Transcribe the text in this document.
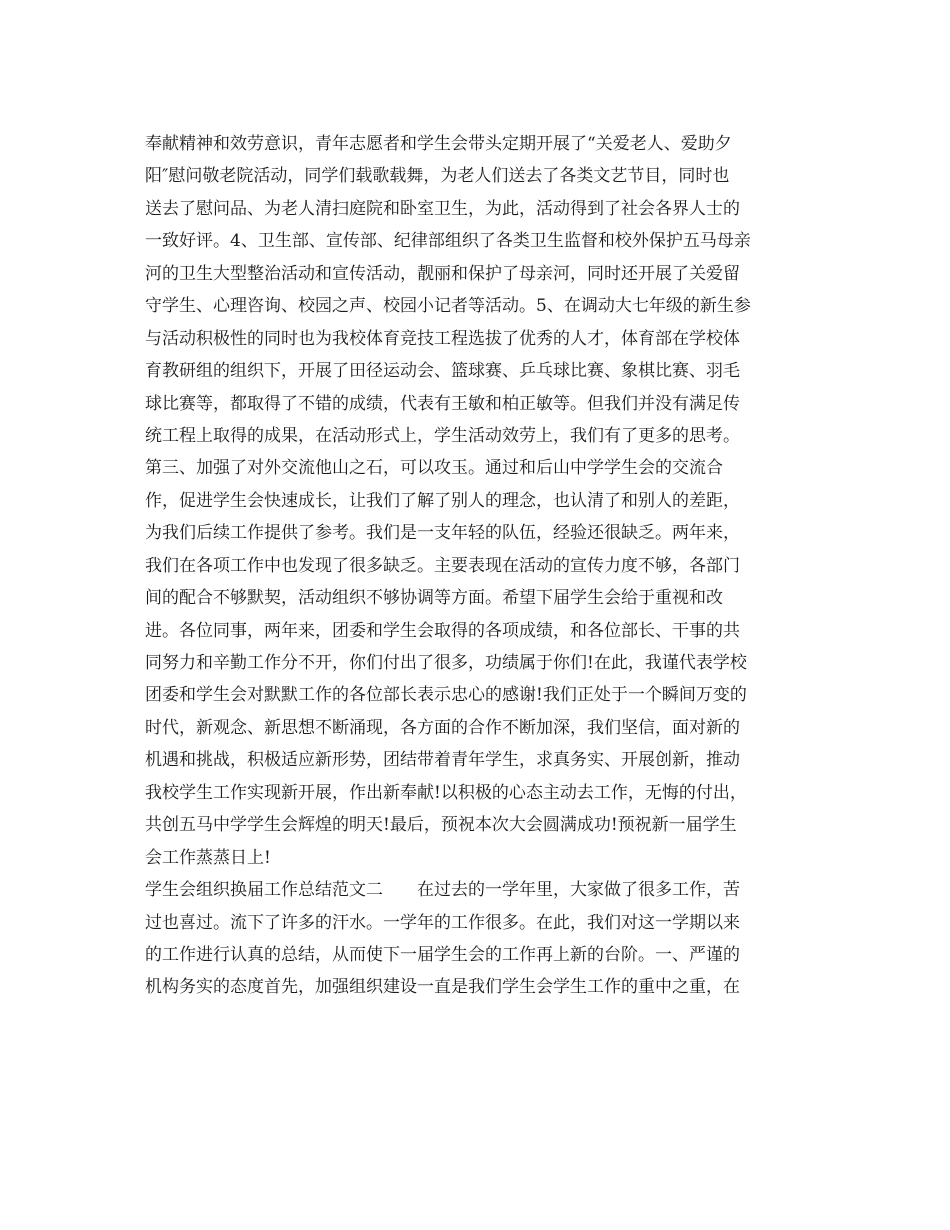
奉献精神和效劳意识，青年志愿者和学生会带头定期开展了“关爱老人、爱助夕
阳″慰问敬老院活动，同学们载歌载舞，为老人们送去了各类文艺节目，同时也
送去了慰问品、为老人清扫庭院和卧室卫生，为此，活动得到了社会各界人士的
一致好评。4、卫生部、宣传部、纪律部组织了各类卫生监督和校外保护五马母亲
河的卫生大型整治活动和宣传活动，靓丽和保护了母亲河，同时还开展了关爱留
守学生、心理咨询、校园之声、校园小记者等活动。5、在调动大七年级的新生参
与活动积极性的同时也为我校体育竞技工程选拔了优秀的人才，体育部在学校体
育教研组的组织下，开展了田径运动会、篮球赛、乒乓球比赛、象棋比赛、羽毛
球比赛等，都取得了不错的成绩，代表有王敏和柏正敏等。但我们并没有满足传
统工程上取得的成果，在活动形式上，学生活动效劳上，我们有了更多的思考。
第三、加强了对外交流他山之石，可以攻玉。通过和后山中学学生会的交流合
作，促进学生会快速成长，让我们了解了别人的理念，也认清了和别人的差距，
为我们后续工作提供了参考。我们是一支年轻的队伍，经验还很缺乏。两年来，
我们在各项工作中也发现了很多缺乏。主要表现在活动的宣传力度不够，各部门
间的配合不够默契，活动组织不够协调等方面。希望下届学生会给于重视和改
进。各位同事，两年来，团委和学生会取得的各项成绩，和各位部长、干事的共
同努力和辛勤工作分不开，你们付出了很多，功绩属于你们!在此，我谨代表学校
团委和学生会对默默工作的各位部长表示忠心的感谢!我们正处于一个瞬间万变的
时代，新观念、新思想不断涌现，各方面的合作不断加深，我们坚信，面对新的
机遇和挑战，积极适应新形势，团结带着青年学生，求真务实、开展创新，推动
我校学生工作实现新开展，作出新奉献!以积极的心态主动去工作，无悔的付出，
共创五马中学学生会辉煌的明天!最后，预祝本次大会圆满成功!预祝新一届学生
会工作蒸蒸日上!
学生会组织换届工作总结范文二　　在过去的一学年里，大家做了很多工作，苦
过也喜过。流下了许多的汗水。一学年的工作很多。在此，我们对这一学期以来
的工作进行认真的总结，从而使下一届学生会的工作再上新的台阶。一、严谨的
机构务实的态度首先，加强组织建设一直是我们学生会学生工作的重中之重，在
